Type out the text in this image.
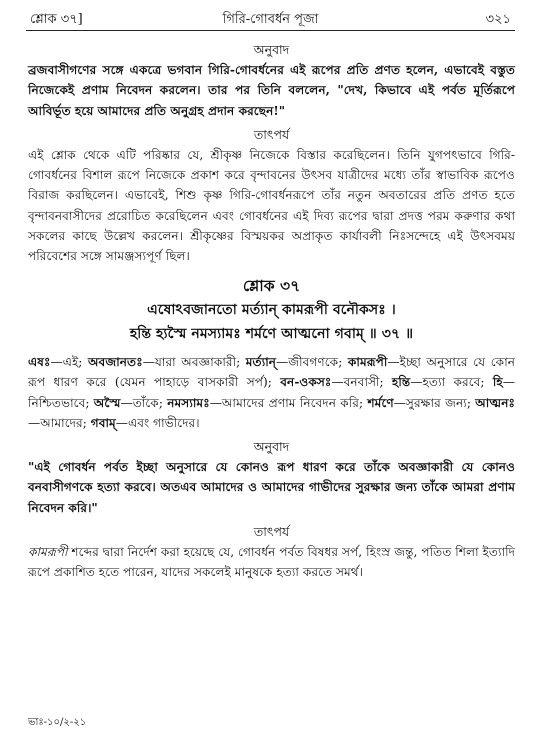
শ্লোক ৩৭]	গিরি-গোবর্ধন পূজা	৩২১

অনুবাদ

ব্রজবাসীগণের সঙ্গে একত্রে ভগবান গিরি-গোবর্ধনের এই রূপের প্রতি প্রণত হলেন, এভাবেই বস্তুত নিজেকেই প্রণাম নিবেদন করলেন। তার পর তিনি বললেন, "দেখ, কিভাবে এই পর্বত মূর্তিরূপে আবির্ভূত হয়ে আমাদের প্রতি অনুগ্রহ প্রদান করছেন!"

তাৎপর্য

এই শ্লোক থেকে এটি পরিষ্কার যে, শ্রীকৃষ্ণ নিজেকে বিস্তার করেছিলেন। তিনি যুগপৎভাবে গিরি-গোবর্ধনের বিশাল রূপে নিজেকে প্রকাশ করে বৃন্দাবনের উৎসব যাত্রীদের মধ্যে তাঁর স্বাভাবিক রূপেও বিরাজ করছিলেন। এভাবেই, শিশু কৃষ্ণ গিরি-গোবর্ধনরূপে তাঁর নতুন অবতারের প্রতি প্রণত হতে বৃন্দাবনবাসীদের প্ররোচিত করেছিলেন এবং গোবর্ধনের এই দিব্য রূপের দ্বারা প্রদত্ত পরম করুণার কথা সকলের কাছে উল্লেখ করলেন। শ্রীকৃষ্ণের বিস্ময়কর অপ্রাকৃত কার্যাবলী নিঃসন্দেহে এই উৎসবময় পরিবেশের সঙ্গে সামঞ্জস্যপূর্ণ ছিল।

শ্লোক ৩৭

এষোঽবজানতো মর্ত্যান্ কামরূপী বনৌকসঃ ।

হন্তি হ্যস্মৈ নমস্যামঃ শর্মণে আত্মনো গবাম্ ॥ ৩৭ ॥

এষঃ—এই; অবজানতঃ—যারা অবজ্ঞাকারী; মর্ত্যান্—জীবগণকে; কামরূপী—ইচ্ছা অনুসারে যে কোন রূপ ধারণ করে (যেমন পাহাড়ে বাসকারী সর্প); বন-ওকসঃ—বনবাসী; হন্তি—হত্যা করবে; হি—নিশ্চিতভাবে; অস্মৈ—তাঁকে; নমস্যামঃ—আমাদের প্রণাম নিবেদন করি; শর্মণে—সুরক্ষার জন্য; আত্মনঃ—আমাদের; গবাম্—এবং গাভীদের।

অনুবাদ

"এই গোবর্ধন পর্বত ইচ্ছা অনুসারে যে কোনও রূপ ধারণ করে তাঁকে অবজ্ঞাকারী যে কোনও বনবাসীগণকে হত্যা করবে। অতএব আমাদের ও আমাদের গাভীদের সুরক্ষার জন্য তাঁকে আমরা প্রণাম নিবেদন করি।"

তাৎপর্য

কামরূপী শব্দের দ্বারা নির্দেশ করা হয়েছে যে, গোবর্ধন পর্বত বিষধর সর্প, হিংস্র জন্তু, পতিত শিলা ইত্যাদি রূপে প্রকাশিত হতে পারেন, যাদের সকলেই মানুষকে হত্যা করতে সমর্থ।

ভাঃ-১০/২-২১
